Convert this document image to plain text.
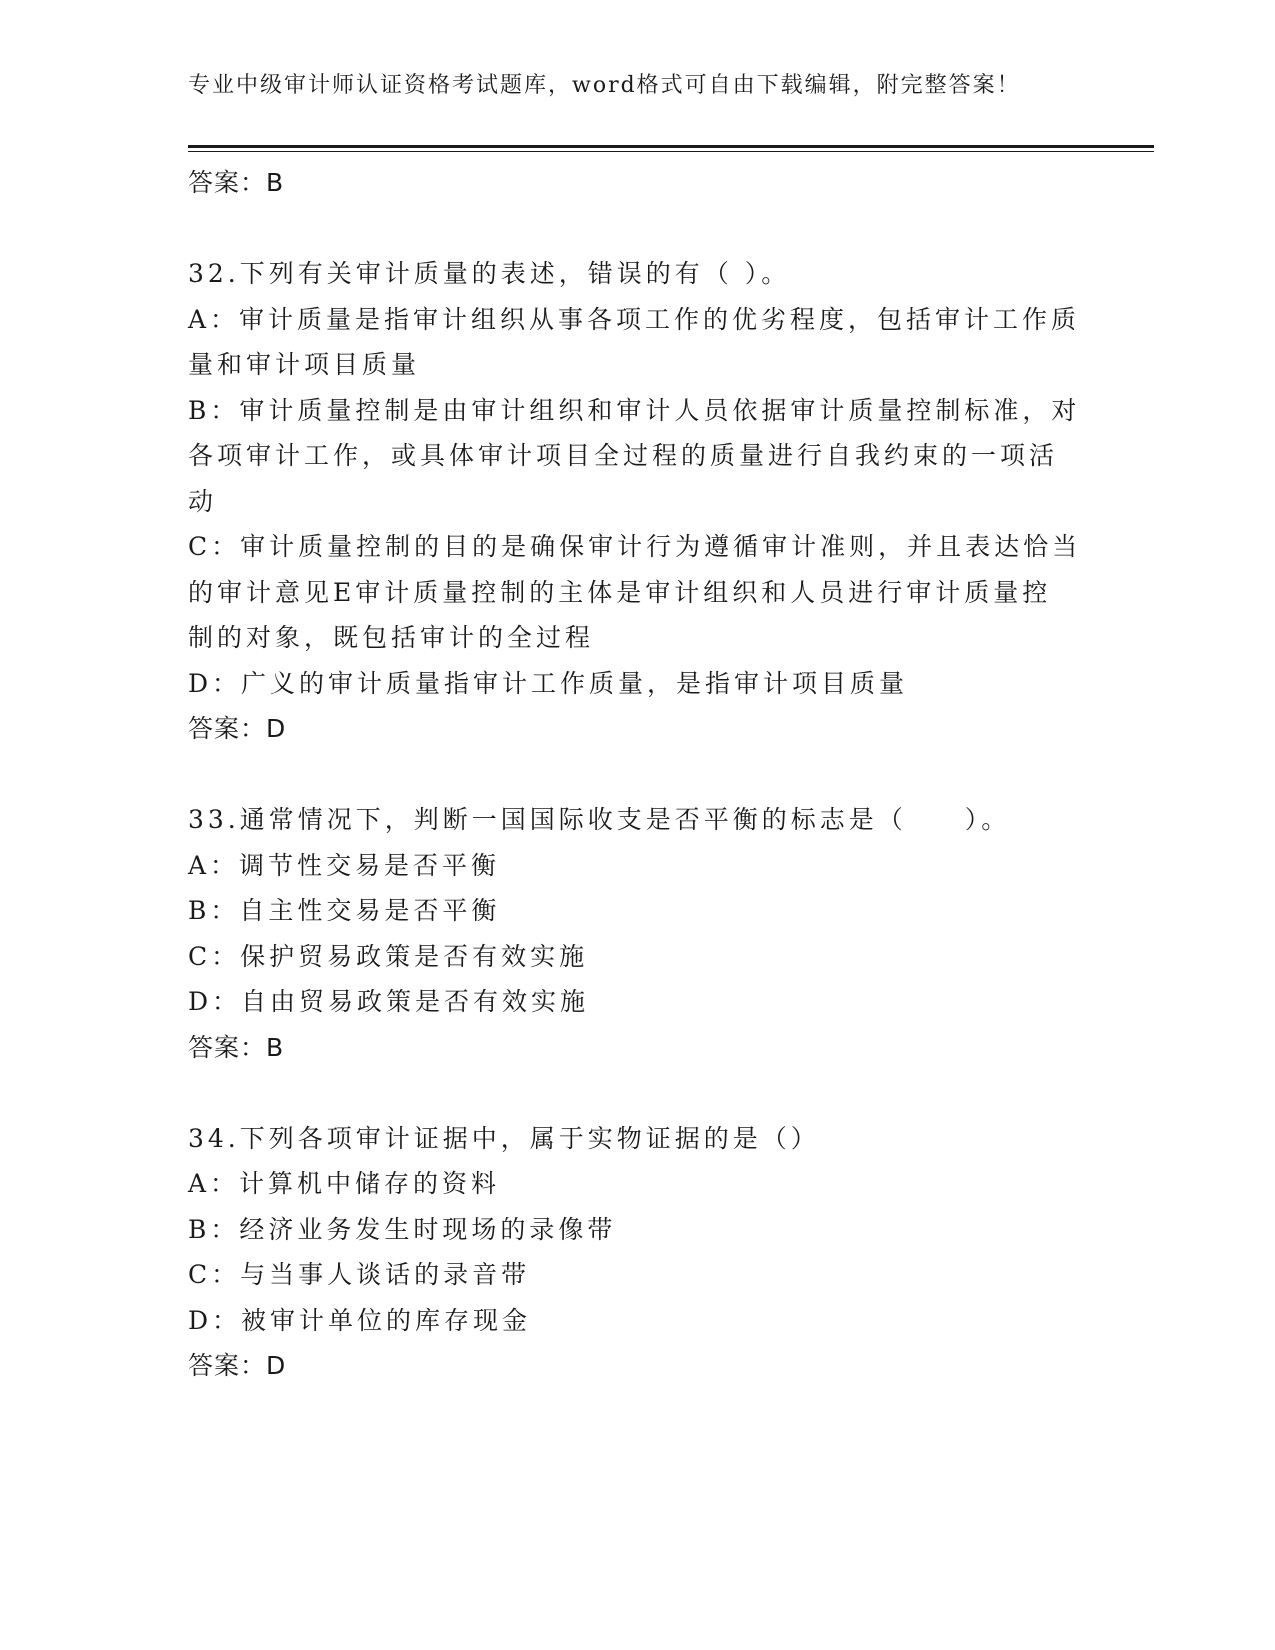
专业中级审计师认证资格考试题库，word格式可自由下载编辑，附完整答案！
答案：B
32.下列有关审计质量的表述，错误的有（ ）。
A：审计质量是指审计组织从事各项工作的优劣程度，包括审计工作质
量和审计项目质量
B：审计质量控制是由审计组织和审计人员依据审计质量控制标准，对
各项审计工作，或具体审计项目全过程的质量进行自我约束的一项活
动
C：审计质量控制的目的是确保审计行为遵循审计准则，并且表达恰当
的审计意见E审计质量控制的主体是审计组织和人员进行审计质量控
制的对象，既包括审计的全过程
D：广义的审计质量指审计工作质量，是指审计项目质量
答案：D
33.通常情况下，判断一国国际收支是否平衡的标志是（　　）。
A：调节性交易是否平衡
B：自主性交易是否平衡
C：保护贸易政策是否有效实施
D：自由贸易政策是否有效实施
答案：B
34.下列各项审计证据中，属于实物证据的是（）
A：计算机中储存的资料
B：经济业务发生时现场的录像带
C：与当事人谈话的录音带
D：被审计单位的库存现金
答案：D
